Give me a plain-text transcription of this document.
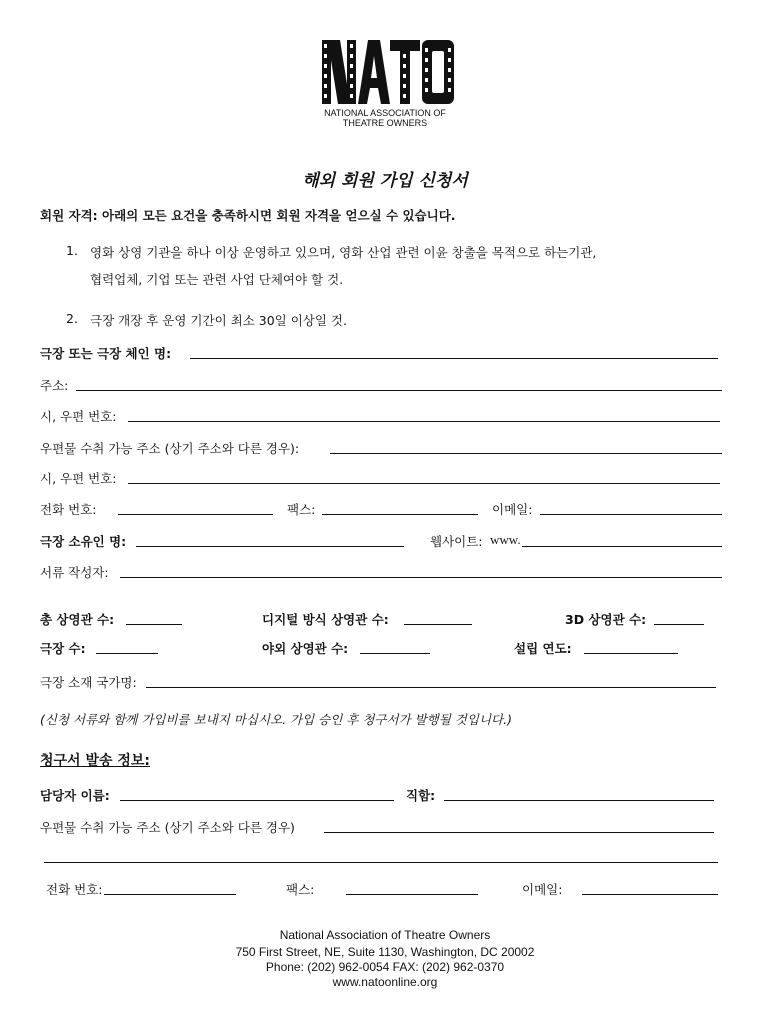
NATIONAL ASSOCIATION OF
THEATRE OWNERS
해외 회원 가입 신청서
회원 자격: 아래의 모든 요건을 충족하시면 회원 자격을 얻으실 수 있습니다.
1. 영화 상영 기관을 하나 이상 운영하고 있으며, 영화 산업 관련 이윤 창출을 목적으로 하는기관,
협력업체, 기업 또는 관련 사업 단체여야 할 것.
2. 극장 개장 후 운영 기간이 최소 30일 이상일 것.
극장 또는 극장 체인 명:
주소:
시, 우편 번호:
우편물 수취 가능 주소 (상기 주소와 다른 경우):
시, 우편 번호:
전화 번호:	팩스:	이메일:
극장 소유인 명:	웹사이트: www.
서류 작성자:
총 상영관 수:	디지털 방식 상영관 수:	3D 상영관 수:
극장 수:	야외 상영관 수:	설립 연도:
극장 소재 국가명:
(신청 서류와 함께 가입비를 보내지 마십시오. 가입 승인 후 청구서가 발행될 것입니다.)
청구서 발송 정보:
담당자 이름:	직함:
우편물 수취 가능 주소 (상기 주소와 다른 경우)
전화 번호:	팩스:	이메일:
National Association of Theatre Owners
750 First Street, NE, Suite 1130, Washington, DC 20002
Phone: (202) 962-0054 FAX: (202) 962-0370
www.natoonline.org
